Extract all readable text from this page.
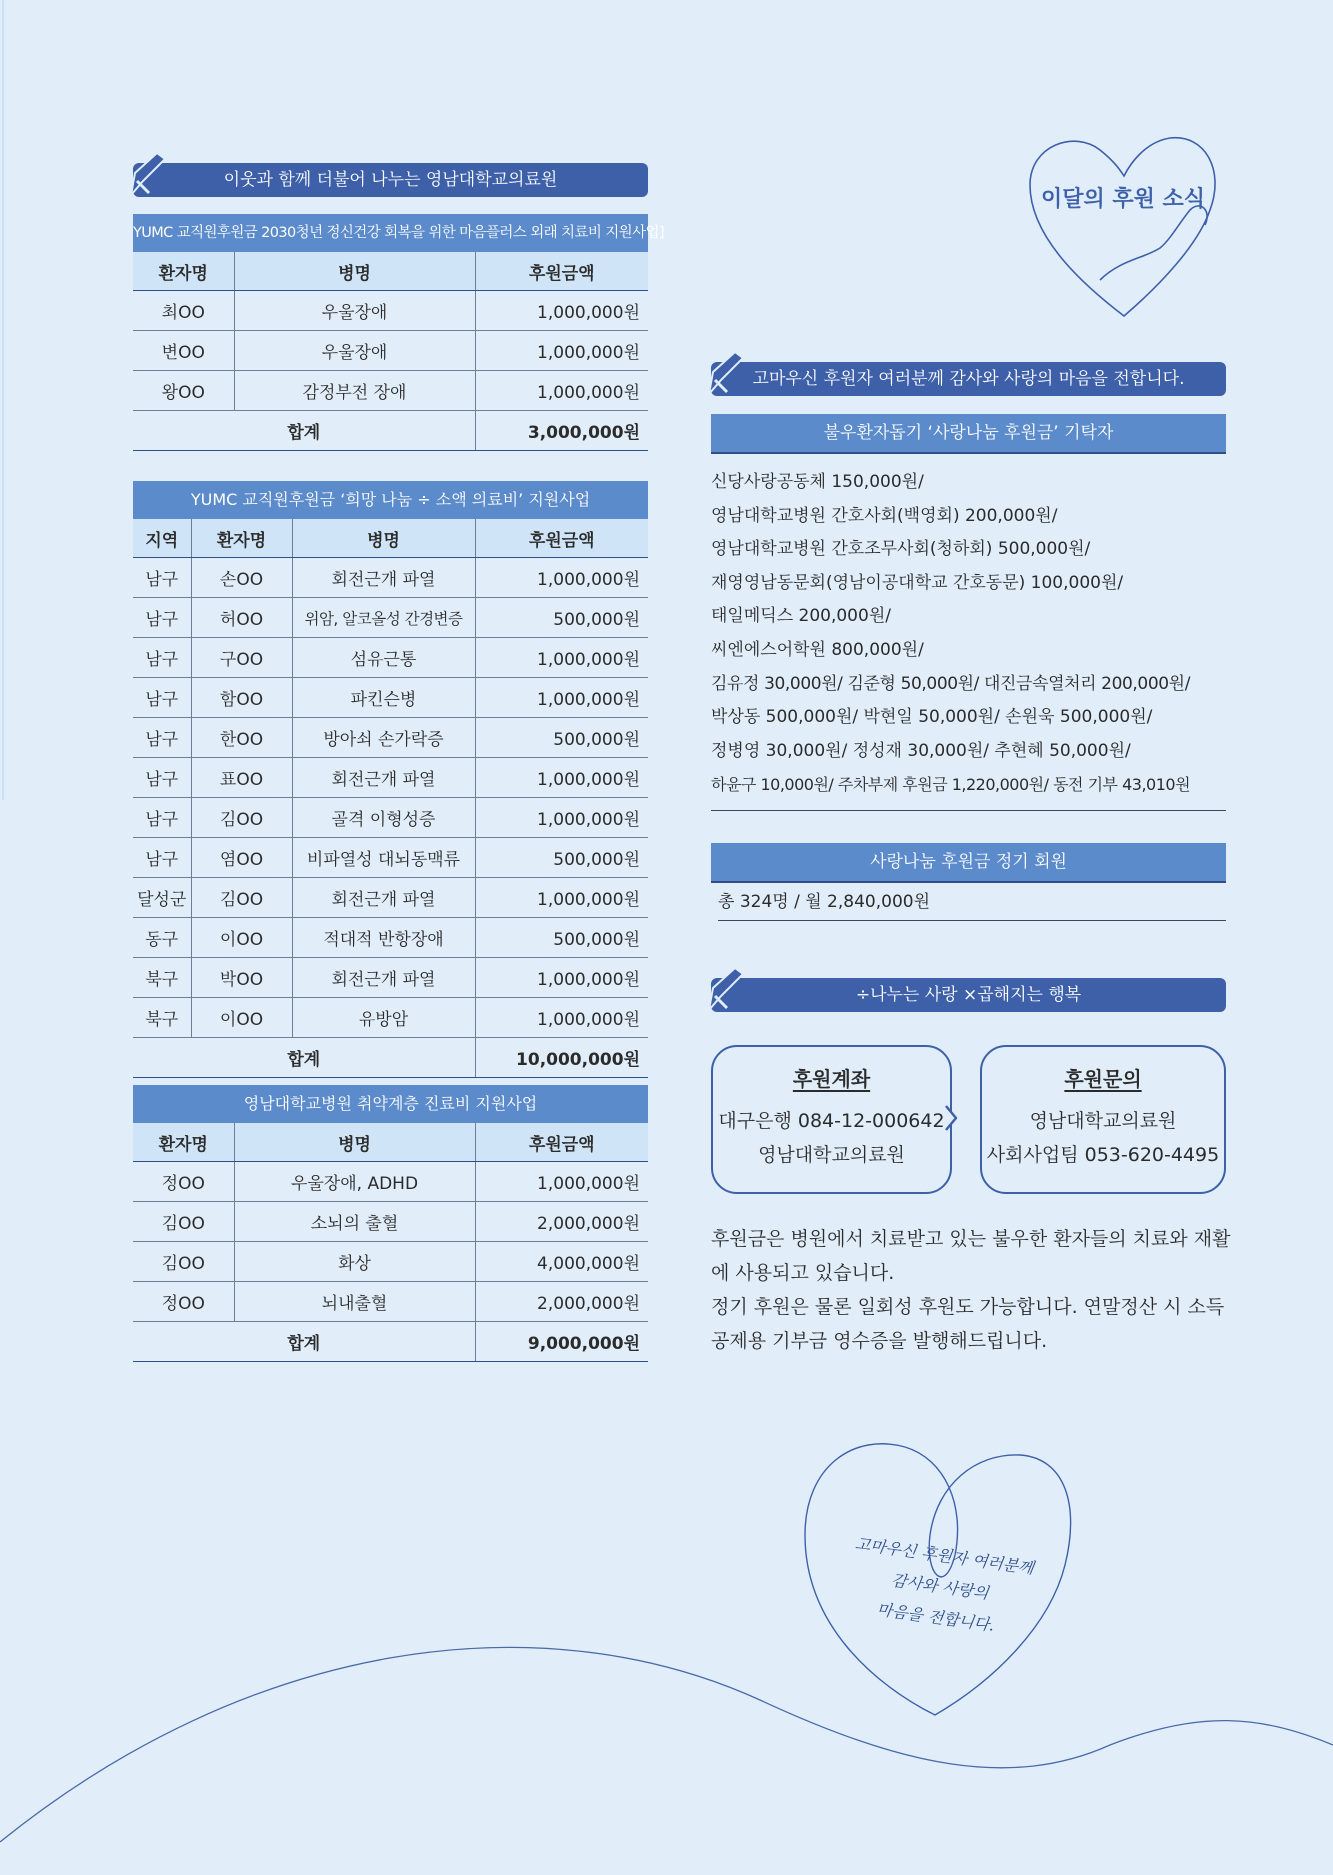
이달의 후원 소식
이웃과 함께 더불어 나누는 영남대학교의료원
YUMC 교직원후원금 2030청년 정신건강 회복을 위한 마음플러스 외래 치료비 지원사업]
환자명	병명	후원금액
최OO	우울장애	1,000,000원
변OO	우울장애	1,000,000원
왕OO	감정부전 장애	1,000,000원
합계		3,000,000원
YUMC 교직원후원금 ‘희망 나눔 ÷ 소액 의료비’ 지원사업
지역	환자명	병명	후원금액
남구	손OO	회전근개 파열	1,000,000원
남구	허OO	위암, 알코올성 간경변증	500,000원
남구	구OO	섬유근통	1,000,000원
남구	함OO	파킨슨병	1,000,000원
남구	한OO	방아쇠 손가락증	500,000원
남구	표OO	회전근개 파열	1,000,000원
남구	김OO	골격 이형성증	1,000,000원
남구	염OO	비파열성 대뇌동맥류	500,000원
달성군	김OO	회전근개 파열	1,000,000원
동구	이OO	적대적 반항장애	500,000원
북구	박OO	회전근개 파열	1,000,000원
북구	이OO	유방암	1,000,000원
합계			10,000,000원
영남대학교병원 취약계층 진료비 지원사업
환자명	병명	후원금액
정OO	우울장애, ADHD	1,000,000원
김OO	소뇌의 출혈	2,000,000원
김OO	화상	4,000,000원
정OO	뇌내출혈	2,000,000원
합계		9,000,000원
고마우신 후원자 여러분께 감사와 사랑의 마음을 전합니다.
불우환자돕기 ‘사랑나눔 후원금’ 기탁자
신당사랑공동체 150,000원/
영남대학교병원 간호사회(백영회) 200,000원/
영남대학교병원 간호조무사회(청하회) 500,000원/
재영영남동문회(영남이공대학교 간호동문) 100,000원/
태일메딕스 200,000원/
씨엔에스어학원 800,000원/
김유정 30,000원/ 김준형 50,000원/ 대진금속열처리 200,000원/
박상동 500,000원/ 박현일 50,000원/ 손원욱 500,000원/
정병영 30,000원/ 정성재 30,000원/ 추현혜 50,000원/
하윤구 10,000원/ 주차부제 후원금 1,220,000원/ 동전 기부 43,010원
사랑나눔 후원금 정기 회원
총 324명 / 월 2,840,000원
÷나누는 사랑 ×곱해지는 행복
후원계좌
대구은행 084-12-000642
영남대학교의료원
후원문의
영남대학교의료원
사회사업팀 053-620-4495
후원금은 병원에서 치료받고 있는 불우한 환자들의 치료와 재활에 사용되고 있습니다.
정기 후원은 물론 일회성 후원도 가능합니다. 연말정산 시 소득공제용 기부금 영수증을 발행해드립니다.
고마우신 후원자 여러분께
감사와 사랑의
마음을 전합니다.
